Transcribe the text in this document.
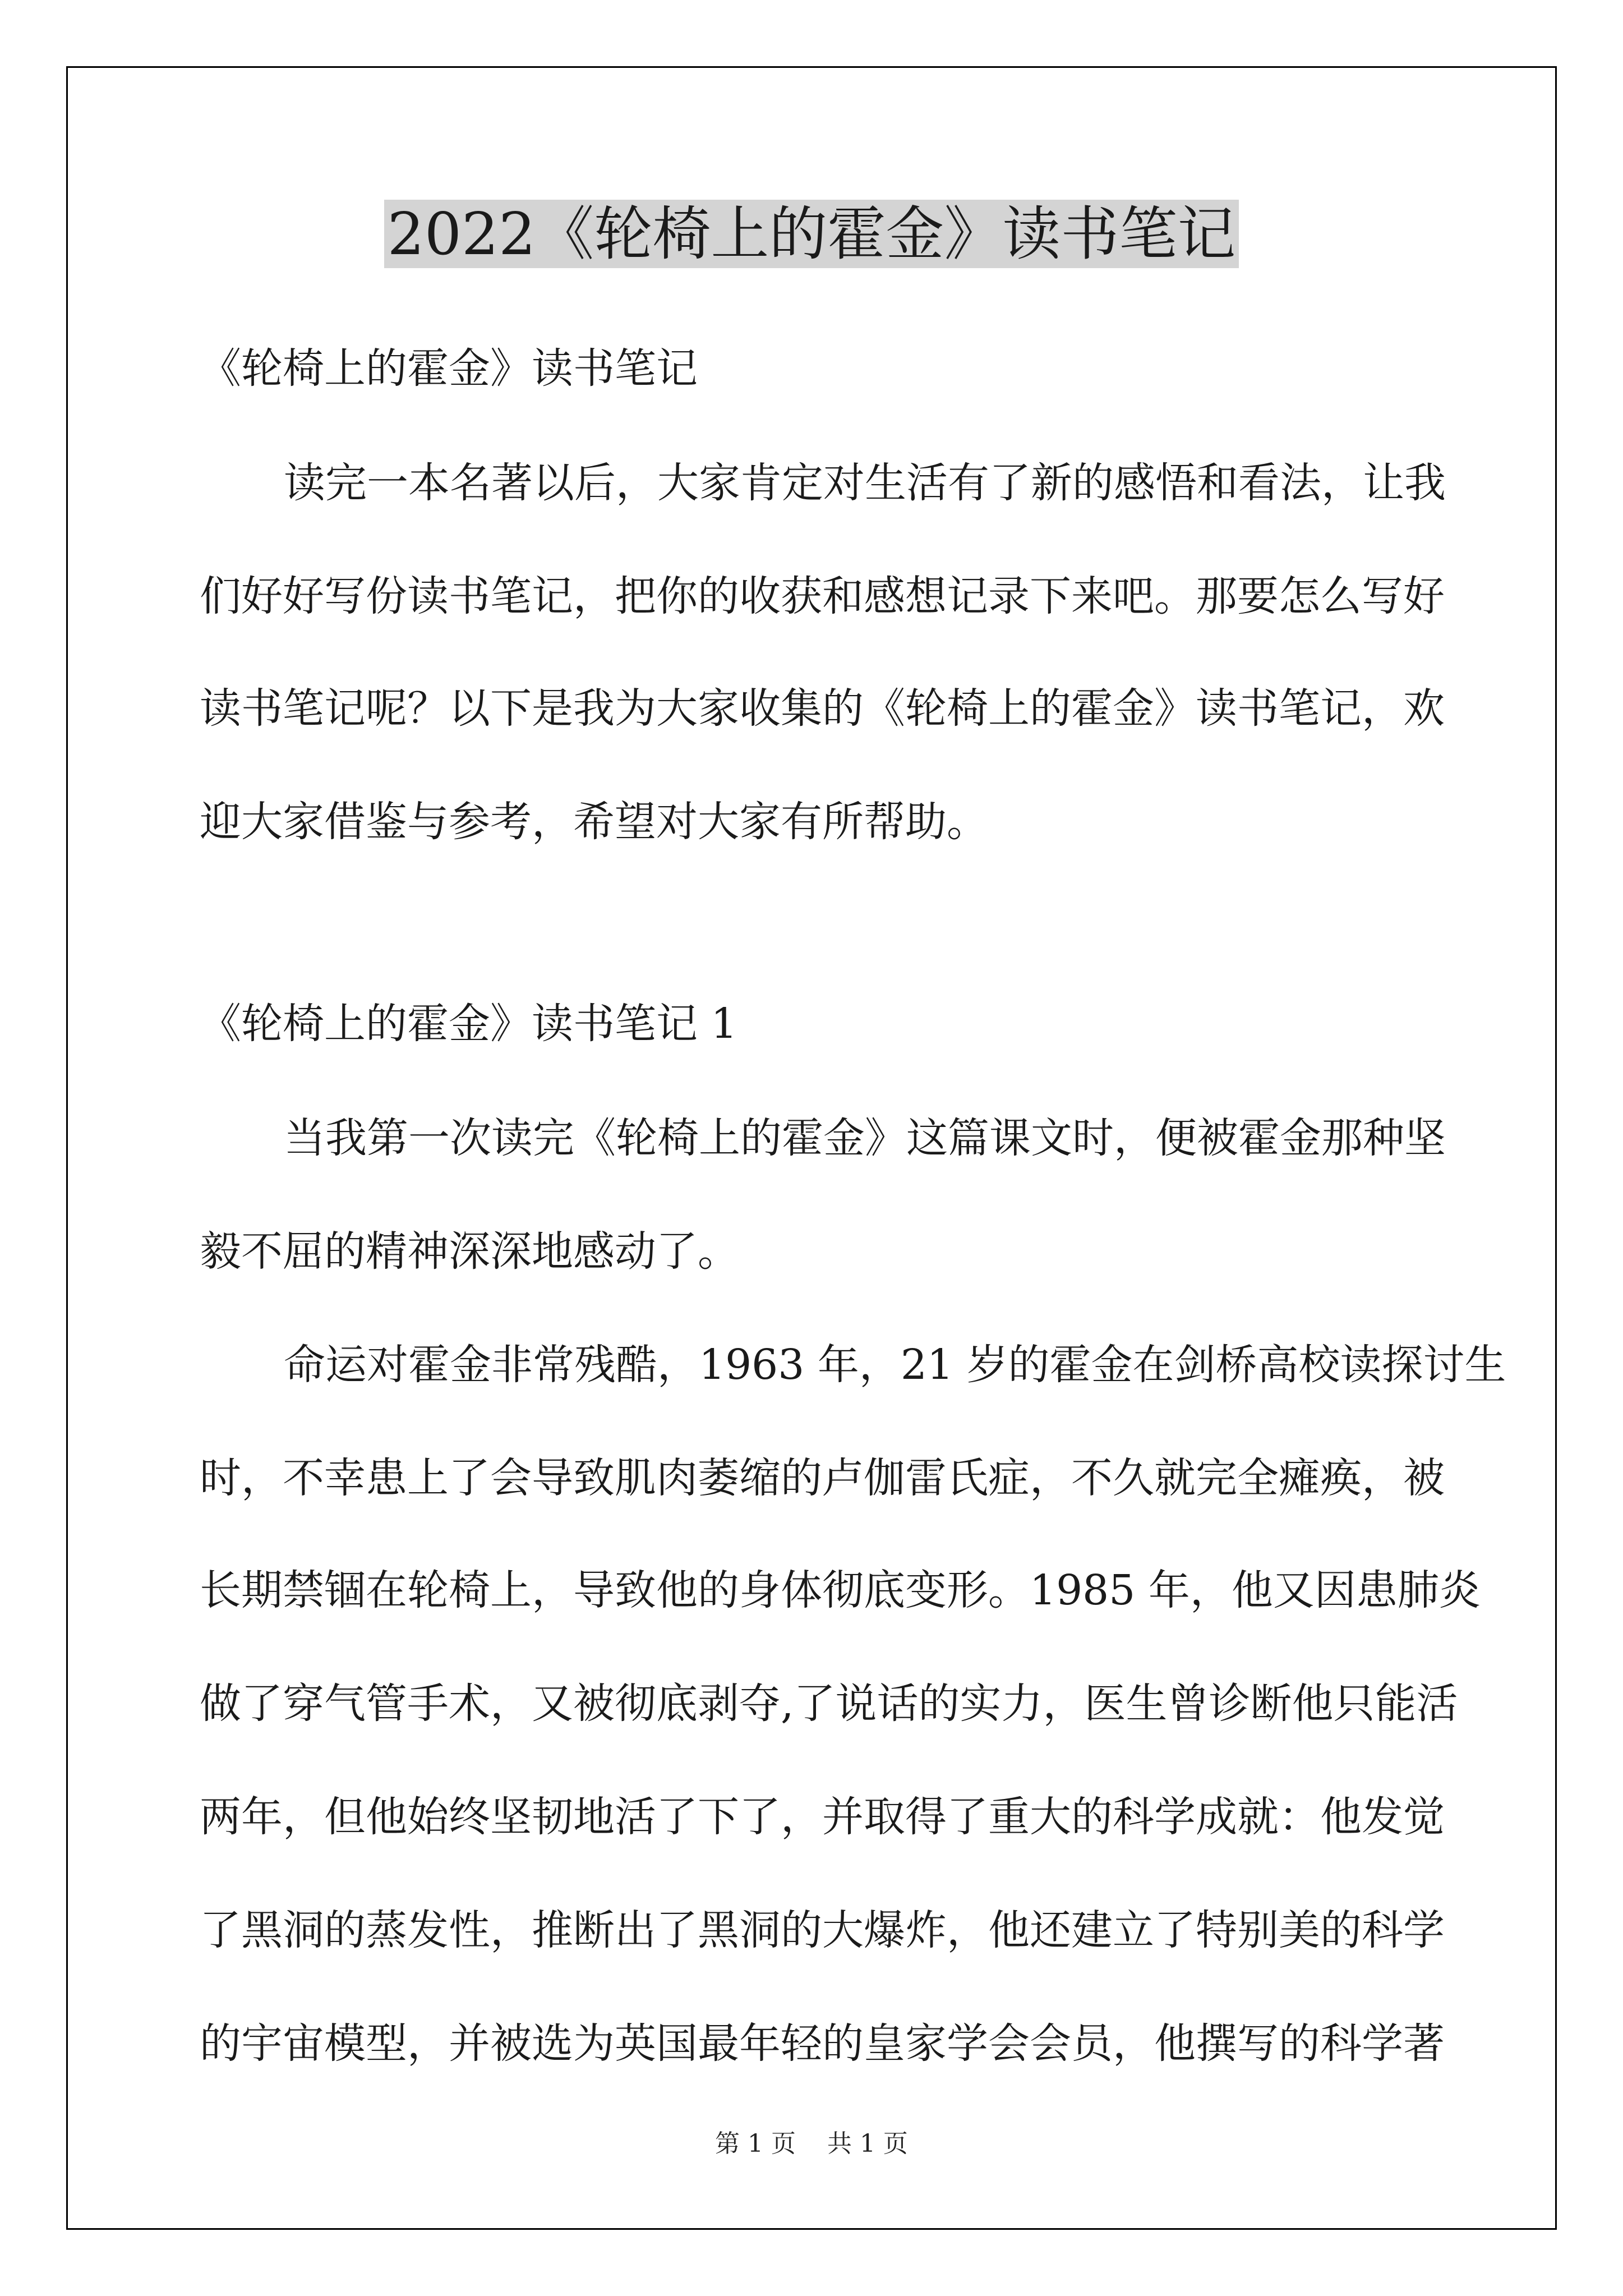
2022《轮椅上的霍金》读书笔记

《轮椅上的霍金》读书笔记

读完一本名著以后，大家肯定对生活有了新的感悟和看法，让我

们好好写份读书笔记，把你的收获和感想记录下来吧。那要怎么写好

读书笔记呢？以下是我为大家收集的《轮椅上的霍金》读书笔记，欢

迎大家借鉴与参考，希望对大家有所帮助。

《轮椅上的霍金》读书笔记 1

当我第一次读完《轮椅上的霍金》这篇课文时，便被霍金那种坚

毅不屈的精神深深地感动了。

命运对霍金非常残酷，1963 年，21 岁的霍金在剑桥高校读探讨生

时，不幸患上了会导致肌肉萎缩的卢伽雷氏症，不久就完全瘫痪，被

长期禁锢在轮椅上，导致他的身体彻底变形。1985 年，他又因患肺炎

做了穿气管手术，又被彻底剥夺,了说话的实力，医生曾诊断他只能活

两年，但他始终坚韧地活了下了，并取得了重大的科学成就：他发觉

了黑洞的蒸发性，推断出了黑洞的大爆炸，他还建立了特别美的科学

的宇宙模型，并被选为英国最年轻的皇家学会会员，他撰写的科学著

第 1 页    共 1 页
